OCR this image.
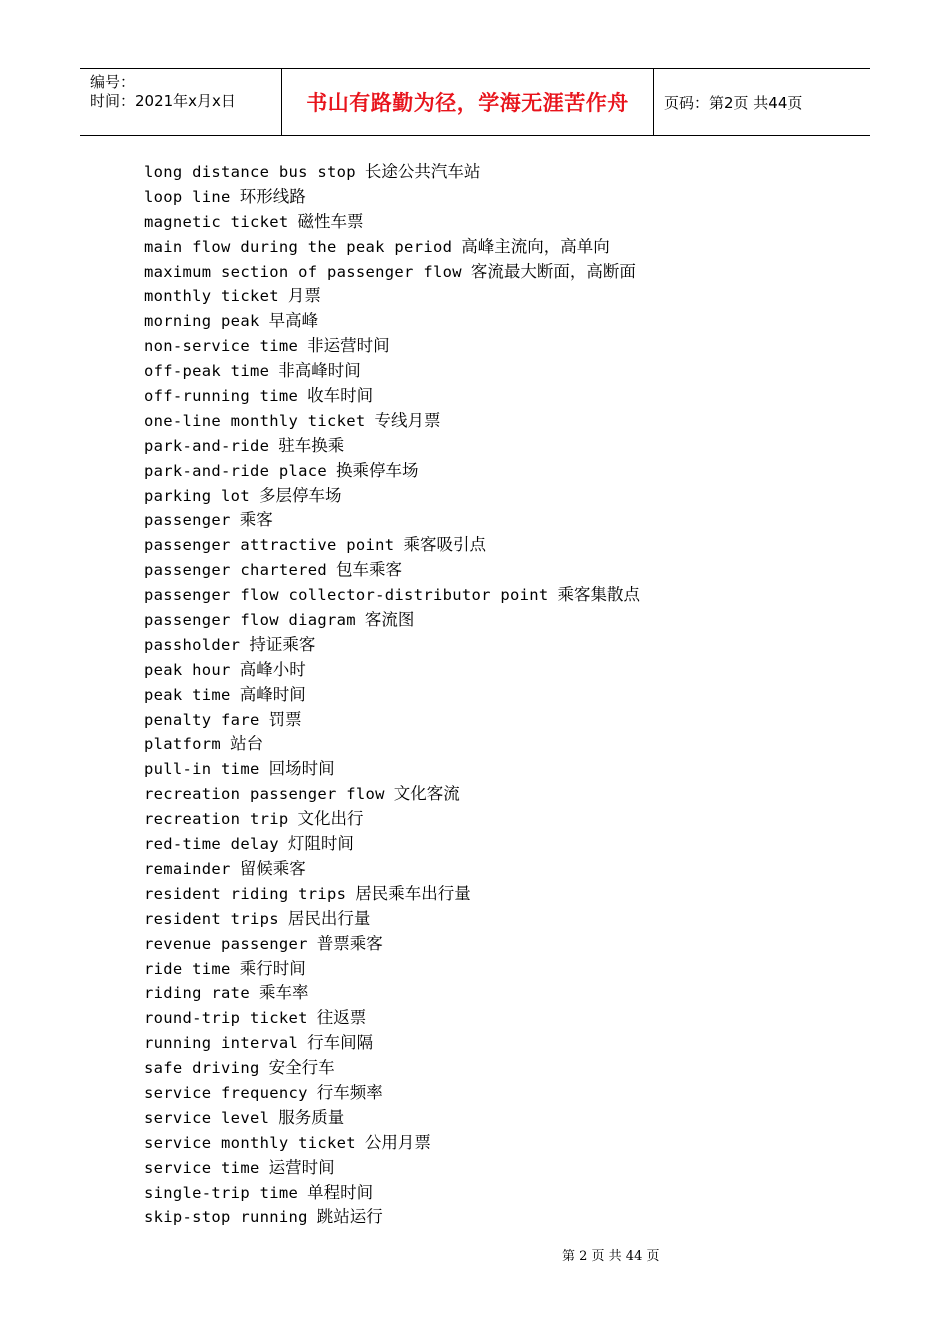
编号：
时间：2021年x月x日	书山有路勤为径，学海无涯苦作舟	页码：第2页 共44页
long distance bus stop 长途公共汽车站
loop line 环形线路
magnetic ticket 磁性车票
main flow during the peak period 高峰主流向，高单向
maximum section of passenger flow 客流最大断面，高断面
monthly ticket 月票
morning peak 早高峰
non-service time 非运营时间
off-peak time 非高峰时间
off-running time 收车时间
one-line monthly ticket 专线月票
park-and-ride 驻车换乘
park-and-ride place 换乘停车场
parking lot 多层停车场
passenger 乘客
passenger attractive point 乘客吸引点
passenger chartered 包车乘客
passenger flow collector-distributor point 乘客集散点
passenger flow diagram 客流图
passholder 持证乘客
peak hour 高峰小时
peak time 高峰时间
penalty fare 罚票
platform 站台
pull-in time 回场时间
recreation passenger flow 文化客流
recreation trip 文化出行
red-time delay 灯阻时间
remainder 留候乘客
resident riding trips 居民乘车出行量
resident trips 居民出行量
revenue passenger 普票乘客
ride time 乘行时间
riding rate 乘车率
round-trip ticket 往返票
running interval 行车间隔
safe driving 安全行车
service frequency 行车频率
service level 服务质量
service monthly ticket 公用月票
service time 运营时间
single-trip time 单程时间
skip-stop running 跳站运行
第 2 页 共 44 页
